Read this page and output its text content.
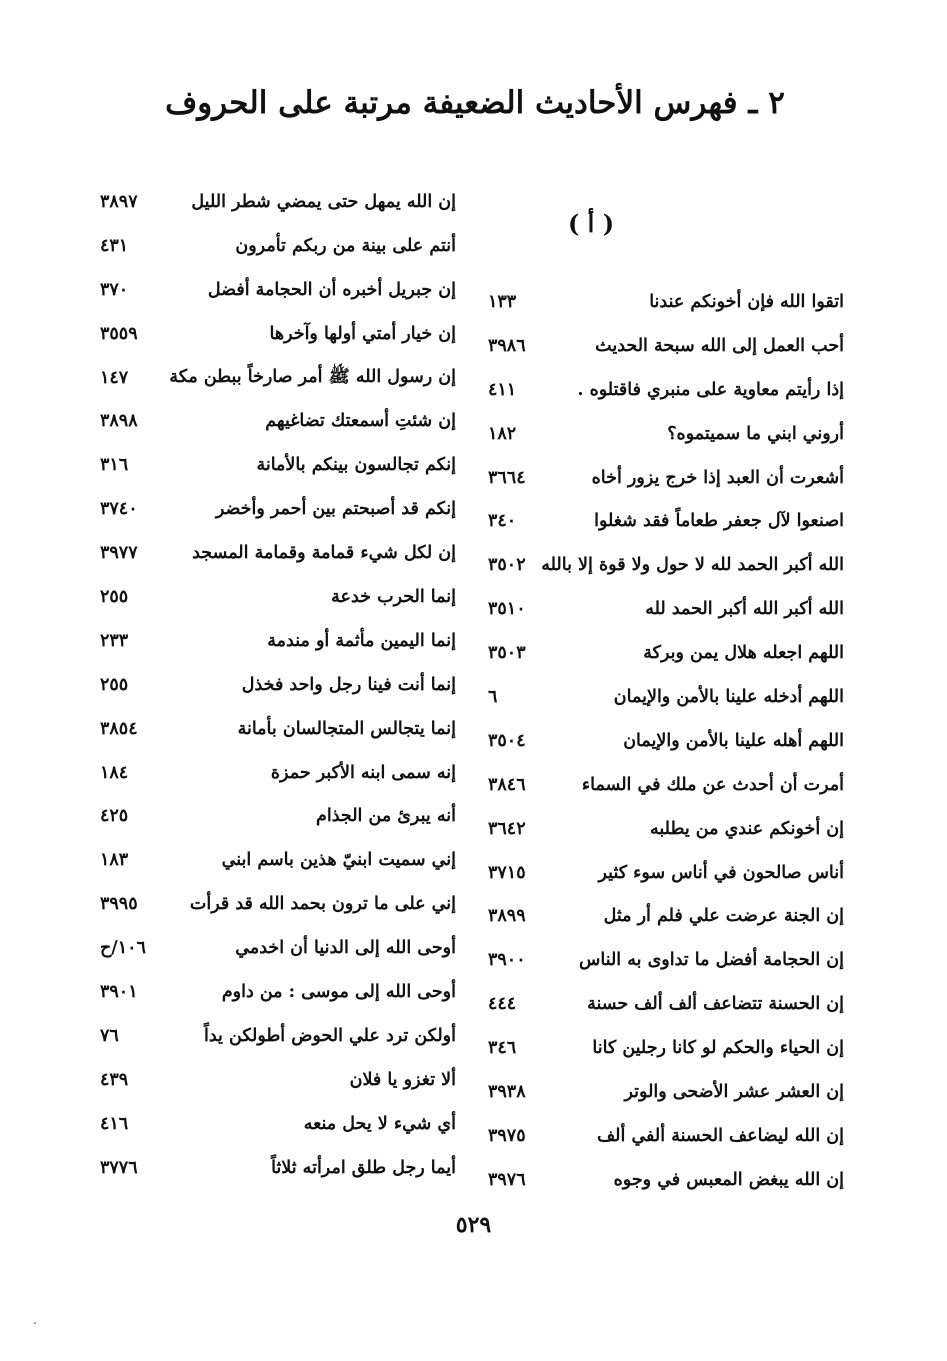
٢ ـ فهرس الأحاديث الضعيفة مرتبة على الحروف
( أ )
اتقوا الله فإن أخونكم عندنا
١٣٣
أحب العمل إلى الله سبحة الحديث
٣٩٨٦
إذا رأيتم معاوية على منبري فاقتلوه .
٤١١
أروني ابني ما سميتموه؟
١٨٢
أشعرت أن العبد إذا خرج يزور أخاه
٣٦٦٤
اصنعوا لآل جعفر طعاماً فقد شغلوا
٣٤٠
الله أكبر الحمد لله لا حول ولا قوة إلا بالله
٣٥٠٢
الله أكبر الله أكبر الحمد لله
٣٥١٠
اللهم اجعله هلال يمن وبركة
٣٥٠٣
اللهم أدخله علينا بالأمن والإيمان
٦
اللهم أهله علينا بالأمن والإيمان
٣٥٠٤
أمرت أن أحدث عن ملك في السماء
٣٨٤٦
إن أخونكم عندي من يطلبه
٣٦٤٢
أناس صالحون في أناس سوء كثير
٣٧١٥
إن الجنة عرضت علي فلم أر مثل
٣٨٩٩
إن الحجامة أفضل ما تداوى به الناس
٣٩٠٠
إن الحسنة تتضاعف ألف ألف حسنة
٤٤٤
إن الحياء والحكم لو كانا رجلين كانا
٣٤٦
إن العشر عشر الأضحى والوتر
٣٩٣٨
إن الله ليضاعف الحسنة ألفي ألف
٣٩٧٥
إن الله يبغض المعبس في وجوه
٣٩٧٦
إن الله يمهل حتى يمضي شطر الليل
٣٨٩٧
أنتم على بينة من ربكم تأمرون
٤٣١
إن جبريل أخبره أن الحجامة أفضل
٣٧٠
إن خيار أمتي أولها وآخرها
٣٥٥٩
إن رسول الله ﷺ أمر صارخاً ببطن مكة
١٤٧
إن شئتِ أسمعتك تضاغيهم
٣٨٩٨
إنكم تجالسون بينكم بالأمانة
٣١٦
إنكم قد أصبحتم بين أحمر وأخضر
٣٧٤٠
إن لكل شيء قمامة وقمامة المسجد
٣٩٧٧
إنما الحرب خدعة
٢٥٥
إنما اليمين مأثمة أو مندمة
٢٣٣
إنما أنت فينا رجل واحد فخذل
٢٥٥
إنما يتجالس المتجالسان بأمانة
٣٨٥٤
إنه سمى ابنه الأكبر حمزة
١٨٤
أنه يبرئ من الجذام
٤٢٥
إني سميت ابنيّ هذين باسم ابني
١٨٣
إني على ما ترون بحمد الله قد قرأت
٣٩٩٥
أوحى الله إلى الدنيا أن اخدمي
١٠٦/ح
أوحى الله إلى موسى : من داوم
٣٩٠١
أولكن ترد علي الحوض أطولكن يداً
٧٦
ألا تغزو يا فلان
٤٣٩
أي شيء لا يحل منعه
٤١٦
أيما رجل طلق امرأته ثلاثاً
٣٧٧٦
٥٢٩
